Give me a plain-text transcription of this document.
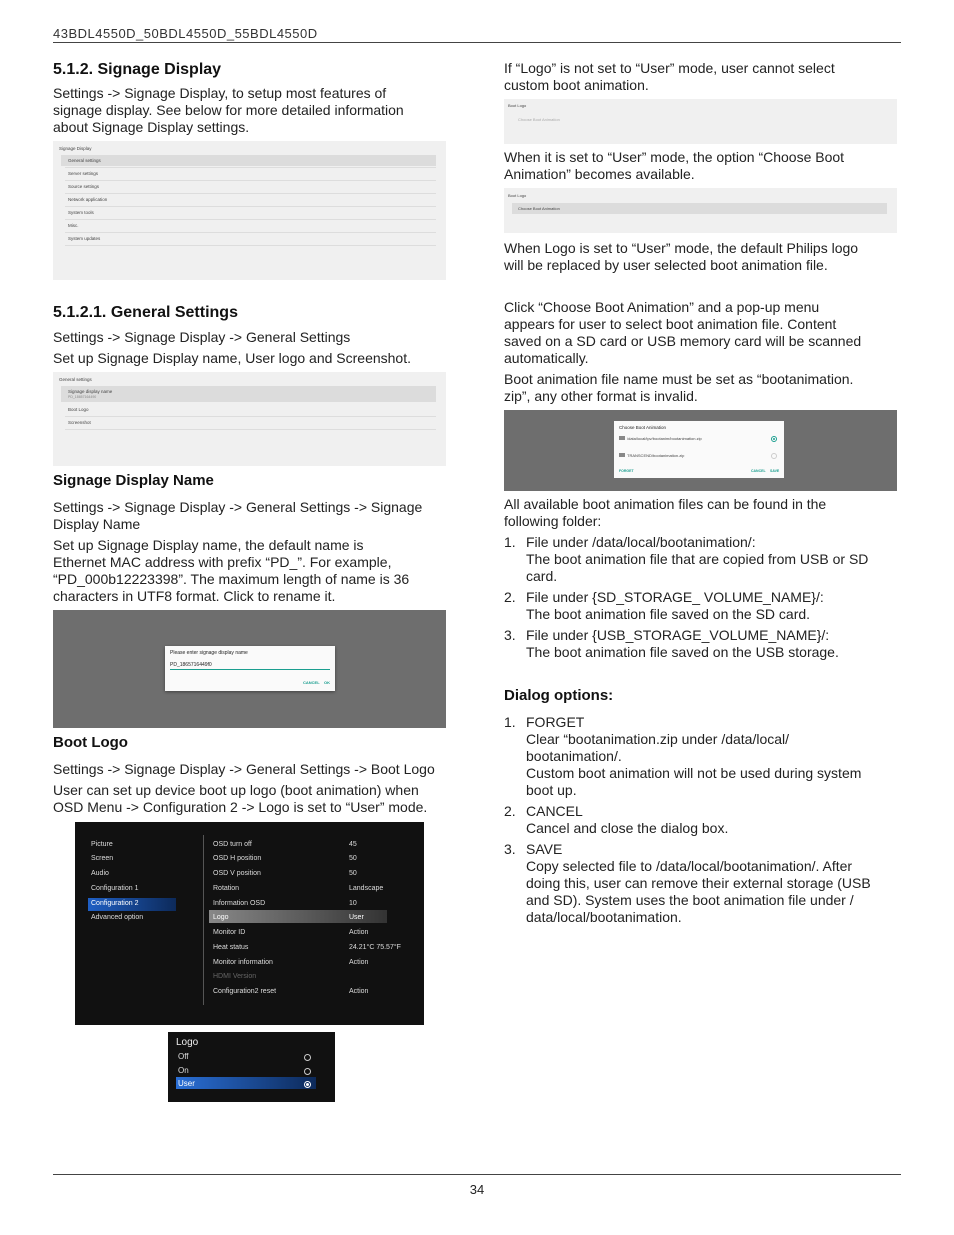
43BDL4550D_50BDL4550D_55BDL4550D
5.1.2. Signage Display
Settings -> Signage Display, to setup most features of
signage display. See below for more detailed information
about Signage Display settings.
Signage Display
General settings
Server settings
Source settings
Network application
System tools
Misc.
System updates
5.1.2.1. General Settings
Settings -> Signage Display -> General Settings
Set up Signage Display name, User logo and Screenshot.
General settings
Signage display name
PD_18657164490
Boot Logo
Screenshot
Signage Display Name
Settings -> Signage Display -> General Settings -> Signage
Display Name
Set up Signage Display name, the default name is
Ethernet MAC address with prefix “PD_”. For example,
“PD_000b12223398”. The maximum length of name is 36
characters in UTF8 format. Click to rename it.
Please enter signage display name
PD_1865716449f0
CANCEL OK
Boot Logo
Settings -> Signage Display -> General Settings -> Boot Logo
User can set up device boot up logo (boot animation) when
OSD Menu -> Configuration 2 -> Logo is set to “User” mode.
Picture
Screen
Audio
Configuration 1
Configuration 2
Advanced option
OSD turn off	45
OSD H position	50
OSD V position	50
Rotation	Landscape
Information OSD	10
Logo	User
Monitor ID	Action
Heat status	24.21°C 75.57°F
Monitor information	Action
HDMI Version
Configuration2 reset	Action
Logo
Off
On
User
If “Logo” is not set to “User” mode, user cannot select
custom boot animation.
Boot Logo
Choose Boot Animation
When it is set to “User” mode, the option “Choose Boot
Animation” becomes available.
Boot Logo
Choose Boot Animation
When Logo is set to “User” mode, the default Philips logo
will be replaced by user selected boot animation file.
Click “Choose Boot Animation” and a pop-up menu
appears for user to select boot animation file. Content
saved on a SD card or USB memory card will be scanned
automatically.
Boot animation file name must be set as “bootanimation.
zip”, any other format is invalid.
Choose Boot Animation
/data/local/tpv/bootanim/bootanimation.zip
TRANSCEND/bootanimation.zip
FORGET	CANCEL SAVE
All available boot animation files can be found in the
following folder:
1. File under /data/local/bootanimation/:
The boot animation file that are copied from USB or SD
card.
2. File under {SD_STORAGE_ VOLUME_NAME}/:
The boot animation file saved on the SD card.
3. File under {USB_STORAGE_VOLUME_NAME}/:
The boot animation file saved on the USB storage.
Dialog options:
1. FORGET
Clear “bootanimation.zip under /data/local/
bootanimation/.
Custom boot animation will not be used during system
boot up.
2. CANCEL
Cancel and close the dialog box.
3. SAVE
Copy selected file to /data/local/bootanimation/. After
doing this, user can remove their external storage (USB
and SD). System uses the boot animation file under /
data/local/bootanimation.
34
